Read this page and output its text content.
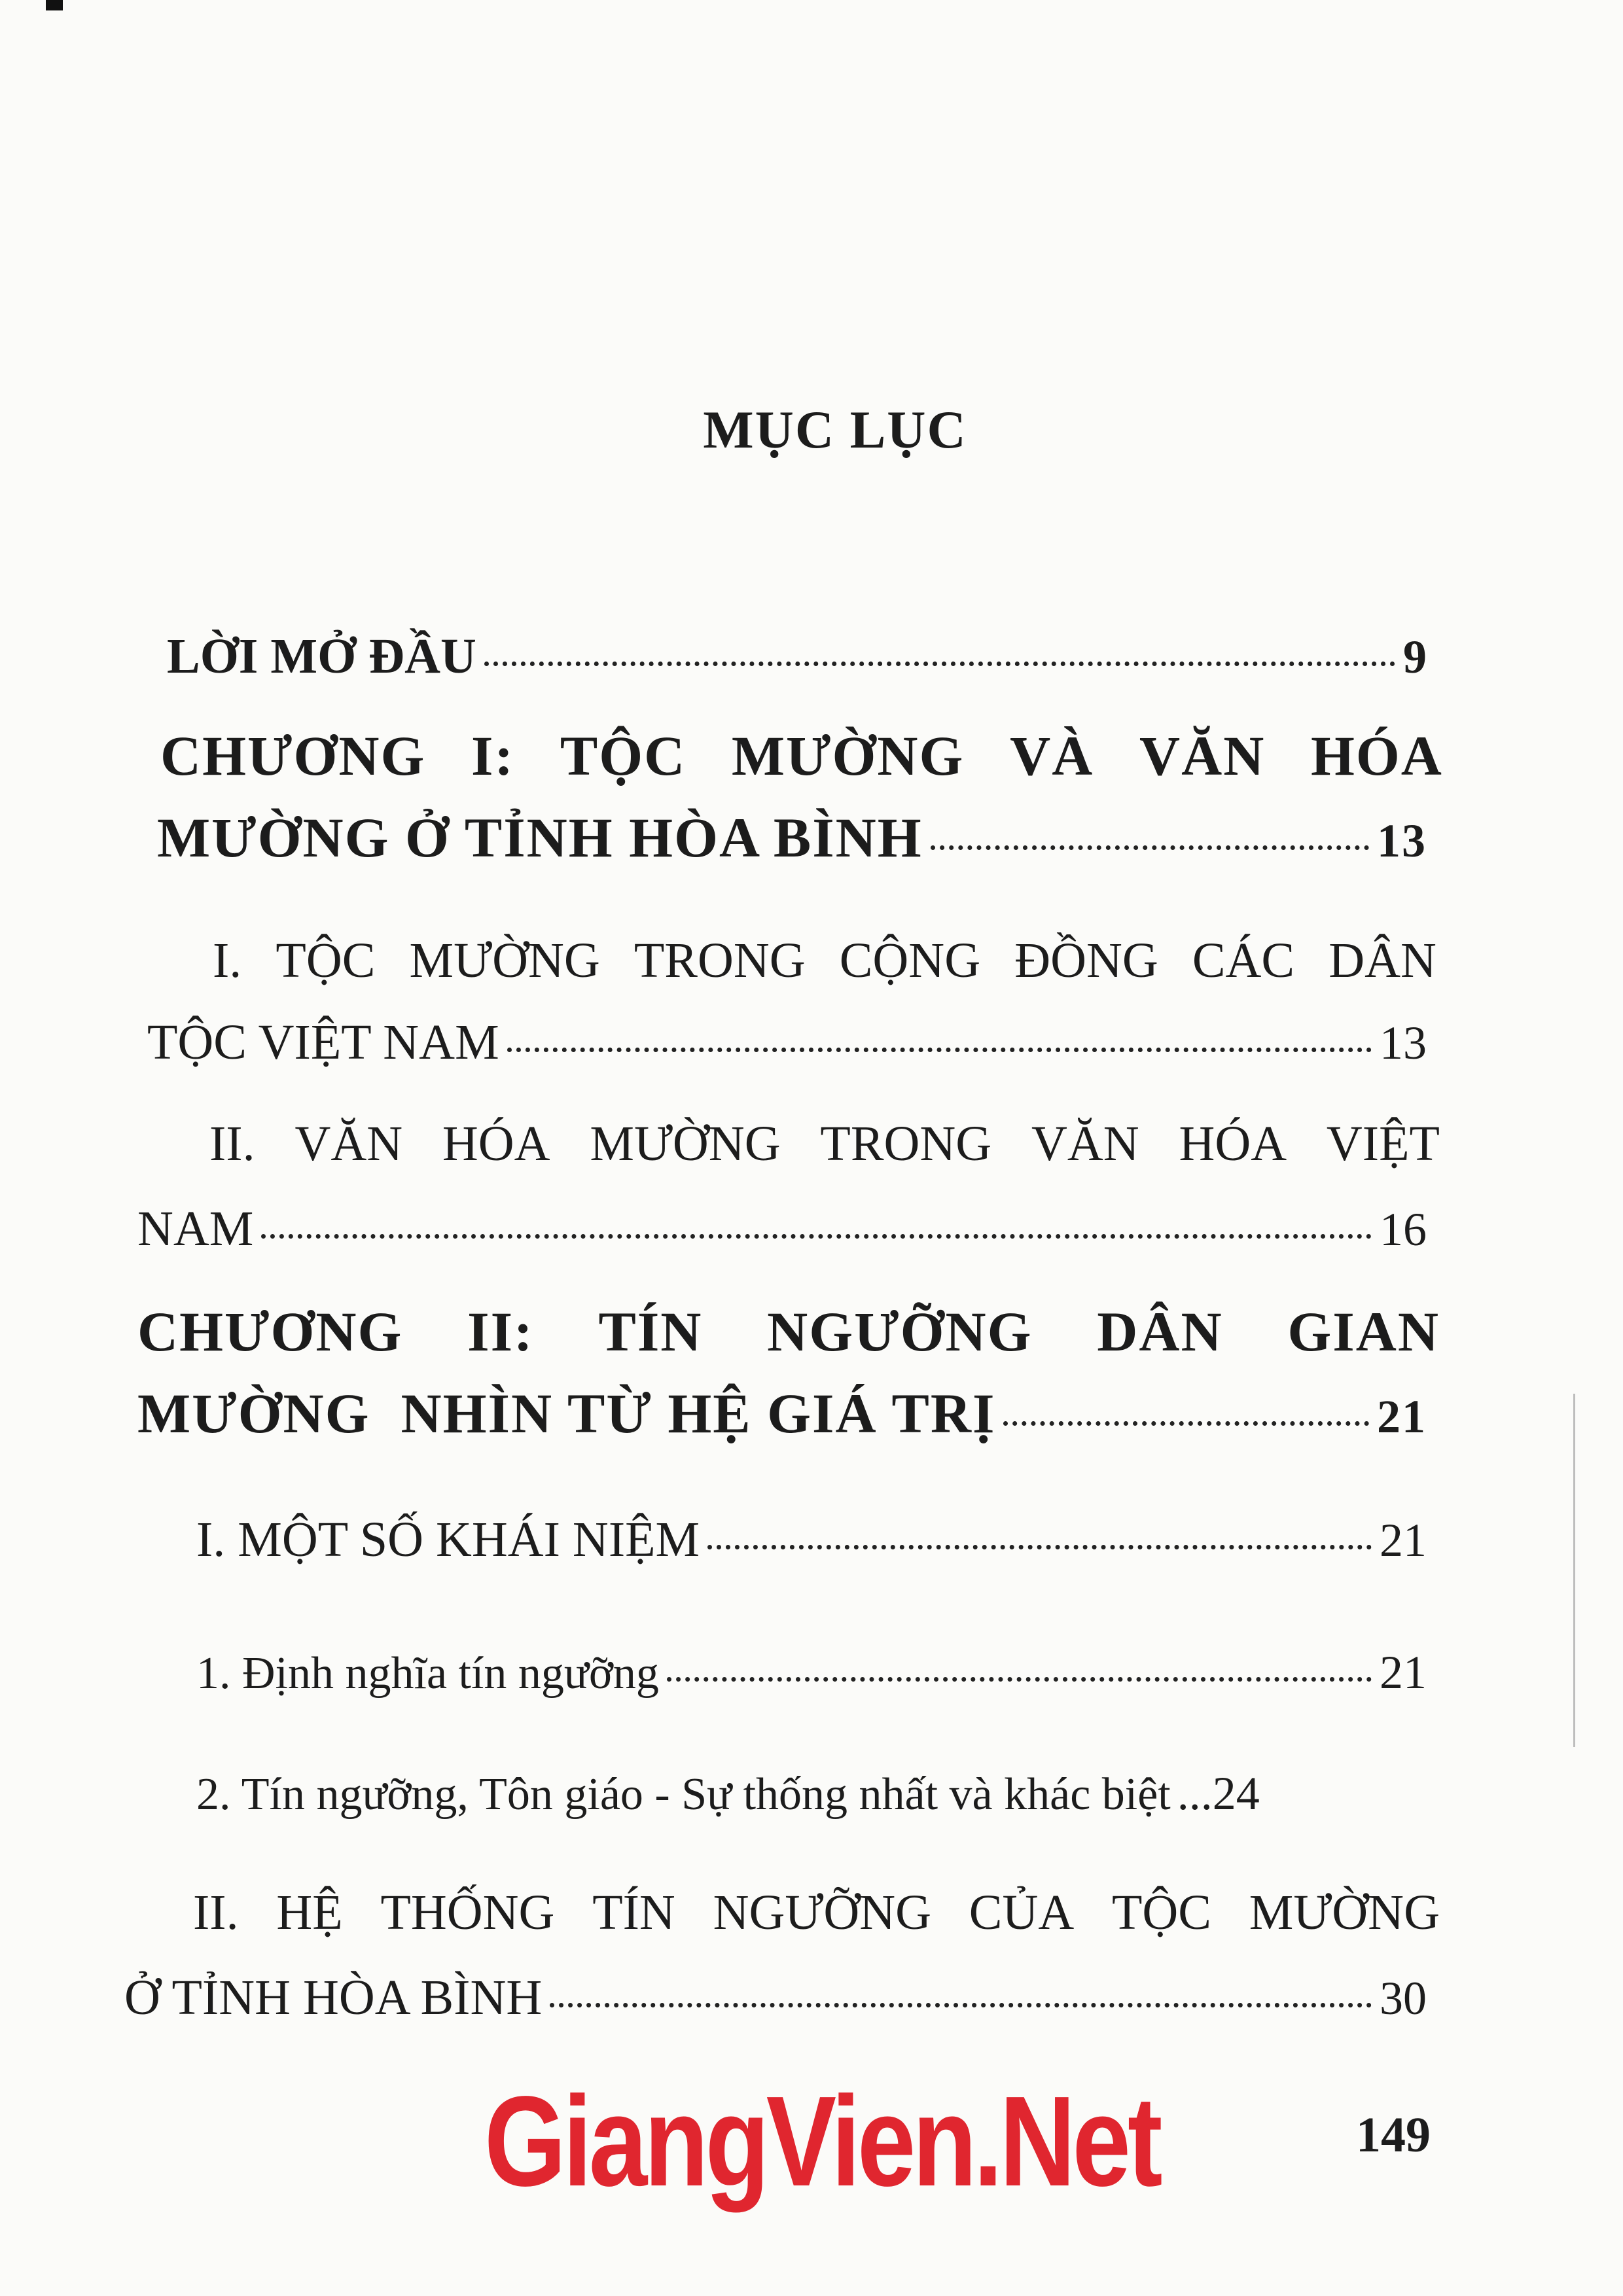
MỤC LỤC
LỜI MỞ ĐẦU	9
CHƯƠNG I: TỘC MƯỜNG VÀ VĂN HÓA
MƯỜNG Ở TỈNH HÒA BÌNH	13
I. TỘC MƯỜNG TRONG CỘNG ĐỒNG CÁC DÂN
TỘC VIỆT NAM	13
II. VĂN HÓA MƯỜNG TRONG VĂN HÓA VIỆT
NAM	16
CHƯƠNG II: TÍN NGƯỠNG DÂN GIAN
MƯỜNG  NHÌN TỪ HỆ GIÁ TRỊ	21
I. MỘT SỐ KHÁI NIỆM	21
1. Định nghĩa tín ngưỡng	21
2. Tín ngưỡng, Tôn giáo - Sự thống nhất và khác biệt ...24
II. HỆ THỐNG TÍN NGƯỠNG CỦA TỘC MƯỜNG
Ở TỈNH HÒA BÌNH	30
GiangVien.Net	149
